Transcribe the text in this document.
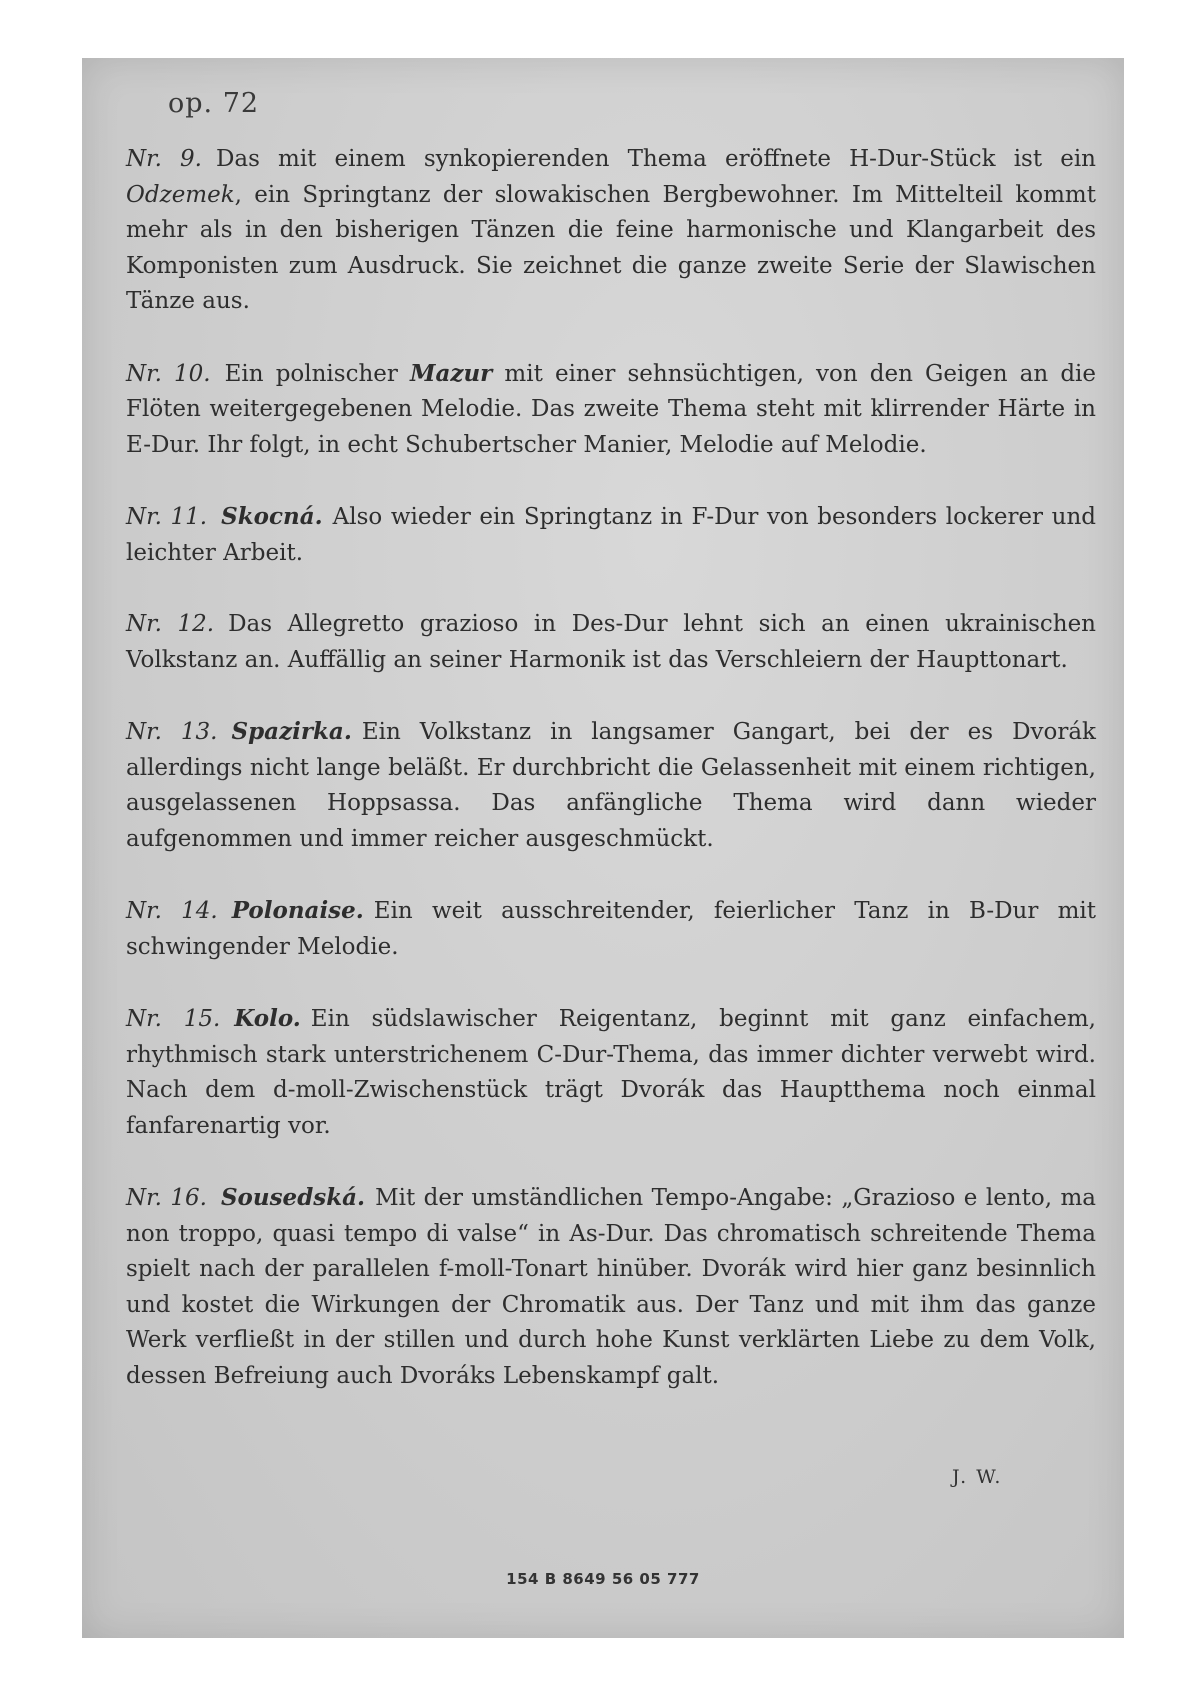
op. 72

Nr. 9. Das mit einem synkopierenden Thema eröffnete H-Dur-Stück ist ein Odzemek, ein Springtanz der slowakischen Bergbewohner. Im Mittelteil kommt mehr als in den bisherigen Tänzen die feine harmonische und Klangarbeit des Komponisten zum Ausdruck. Sie zeichnet die ganze zweite Serie der Slawischen Tänze aus.

Nr. 10. Ein polnischer Mazur mit einer sehnsüchtigen, von den Geigen an die Flöten weitergegebenen Melodie. Das zweite Thema steht mit klirrender Härte in E-Dur. Ihr folgt, in echt Schubertscher Manier, Melodie auf Melodie.

Nr. 11. Skocná. Also wieder ein Springtanz in F-Dur von besonders lockerer und leichter Arbeit.

Nr. 12. Das Allegretto grazioso in Des-Dur lehnt sich an einen ukrainischen Volkstanz an. Auffällig an seiner Harmonik ist das Verschleiern der Haupttonart.

Nr. 13. Spazirka. Ein Volkstanz in langsamer Gangart, bei der es Dvorák allerdings nicht lange beläßt. Er durchbricht die Gelassenheit mit einem richtigen, ausgelassenen Hoppsassa. Das anfängliche Thema wird dann wieder aufgenommen und immer reicher ausgeschmückt.

Nr. 14. Polonaise. Ein weit ausschreitender, feierlicher Tanz in B-Dur mit schwingender Melodie.

Nr. 15. Kolo. Ein südslawischer Reigentanz, beginnt mit ganz einfachem, rhythmisch stark unterstrichenem C-Dur-Thema, das immer dichter verwebt wird. Nach dem d-moll-Zwischenstück trägt Dvorák das Hauptthema noch einmal fanfarenartig vor.

Nr. 16. Sousedská. Mit der umständlichen Tempo-Angabe: „Grazioso e lento, ma non troppo, quasi tempo di valse“ in As-Dur. Das chromatisch schreitende Thema spielt nach der parallelen f-moll-Tonart hinüber. Dvorák wird hier ganz besinnlich und kostet die Wirkungen der Chromatik aus. Der Tanz und mit ihm das ganze Werk verfließt in der stillen und durch hohe Kunst verklärten Liebe zu dem Volk, dessen Befreiung auch Dvoráks Lebenskampf galt.

J. W.
154 B 8649 56 05 777
